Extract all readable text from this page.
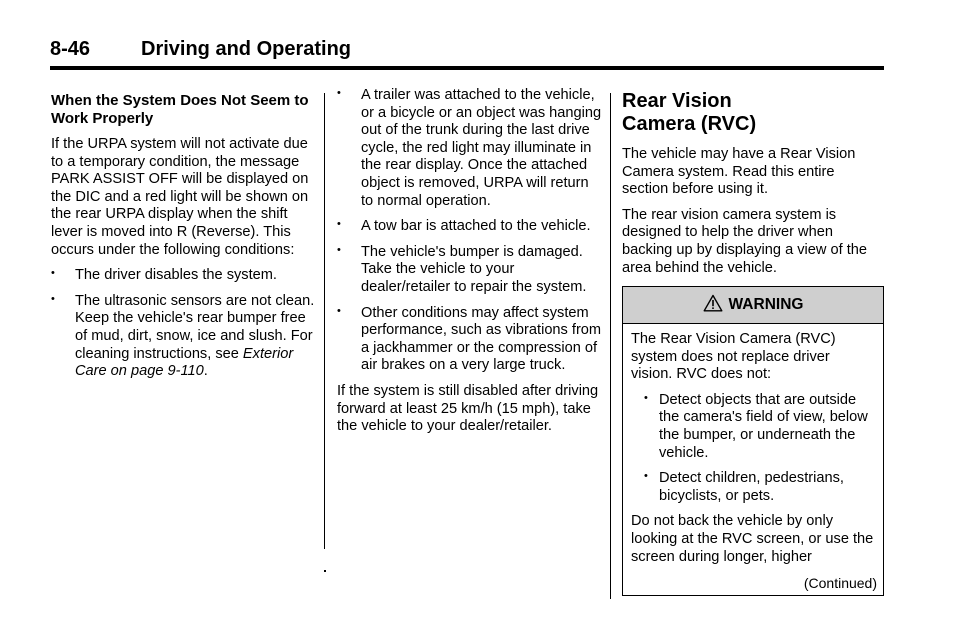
8-46	Driving and Operating
When the System Does Not Seem to Work Properly

If the URPA system will not activate due to a temporary condition, the message PARK ASSIST OFF will be displayed on the DIC and a red light will be shown on the rear URPA display when the shift lever is moved into R (Reverse). This occurs under the following conditions:

• The driver disables the system.
• The ultrasonic sensors are not clean. Keep the vehicle's rear bumper free of mud, dirt, snow, ice and slush. For cleaning instructions, see Exterior Care on page 9-110.
• A trailer was attached to the vehicle, or a bicycle or an object was hanging out of the trunk during the last drive cycle, the red light may illuminate in the rear display. Once the attached object is removed, URPA will return to normal operation.
• A tow bar is attached to the vehicle.
• The vehicle's bumper is damaged. Take the vehicle to your dealer/retailer to repair the system.
• Other conditions may affect system performance, such as vibrations from a jackhammer or the compression of air brakes on a very large truck.

If the system is still disabled after driving forward at least 25 km/h (15 mph), take the vehicle to your dealer/retailer.

Rear Vision
Camera (RVC)

The vehicle may have a Rear Vision Camera system. Read this entire section before using it.

The rear vision camera system is designed to help the driver when backing up by displaying a view of the area behind the vehicle.

WARNING

The Rear Vision Camera (RVC) system does not replace driver vision. RVC does not:

• Detect objects that are outside the camera's field of view, below the bumper, or underneath the vehicle.
• Detect children, pedestrians, bicyclists, or pets.

Do not back the vehicle by only looking at the RVC screen, or use the screen during longer, higher

(Continued)
